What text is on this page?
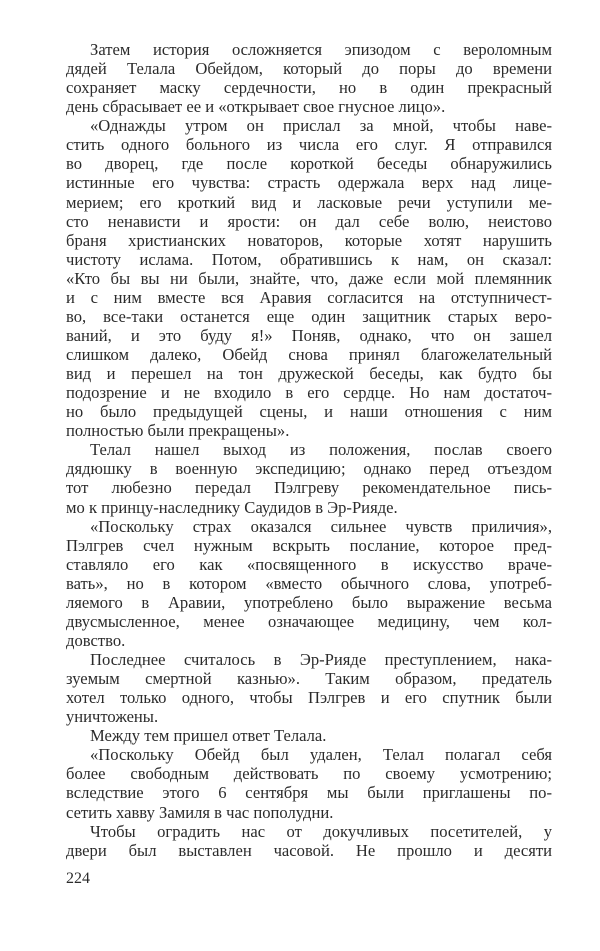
Затем история осложняется эпизодом с вероломным
дядей Телала Обейдом, который до поры до времени
сохраняет маску сердечности, но в один прекрасный
день сбрасывает ее и «открывает свое гнусное лицо».
«Однажды утром он прислал за мной, чтобы наве-
стить одного больного из числа его слуг. Я отправился
во дворец, где после короткой беседы обнаружились
истинные его чувства: страсть одержала верх над лице-
мерием; его кроткий вид и ласковые речи уступили ме-
сто ненависти и ярости: он дал себе волю, неистово
браня христианских новаторов, которые хотят нарушить
чистоту ислама. Потом, обратившись к нам, он сказал:
«Кто бы вы ни были, знайте, что, даже если мой племянник
и с ним вместе вся Аравия согласится на отступничест-
во, все-таки останется еще один защитник старых веро-
ваний, и это буду я!» Поняв, однако, что он зашел
слишком далеко, Обейд снова принял благожелательный
вид и перешел на тон дружеской беседы, как будто бы
подозрение и не входило в его сердце. Но нам достаточ-
но было предыдущей сцены, и наши отношения с ним
полностью были прекращены».
Телал нашел выход из положения, послав своего
дядюшку в военную экспедицию; однако перед отъездом
тот любезно передал Пэлгреву рекомендательное пись-
мо к принцу-наследнику Саудидов в Эр-Рияде.
«Поскольку страх оказался сильнее чувств приличия»,
Пэлгрев счел нужным вскрыть послание, которое пред-
ставляло его как «посвященного в искусство враче-
вать», но в котором «вместо обычного слова, употреб-
ляемого в Аравии, употреблено было выражение весьма
двусмысленное, менее означающее медицину, чем кол-
довство.
Последнее считалось в Эр-Рияде преступлением, нака-
зуемым смертной казнью». Таким образом, предатель
хотел только одного, чтобы Пэлгрев и его спутник были
уничтожены.
Между тем пришел ответ Телала.
«Поскольку Обейд был удален, Телал полагал себя
более свободным действовать по своему усмотрению;
вследствие этого 6 сентября мы были приглашены по-
сетить хавву Замиля в час пополудни.
Чтобы оградить нас от докучливых посетителей, у
двери был выставлен часовой. Не прошло и десяти
224
